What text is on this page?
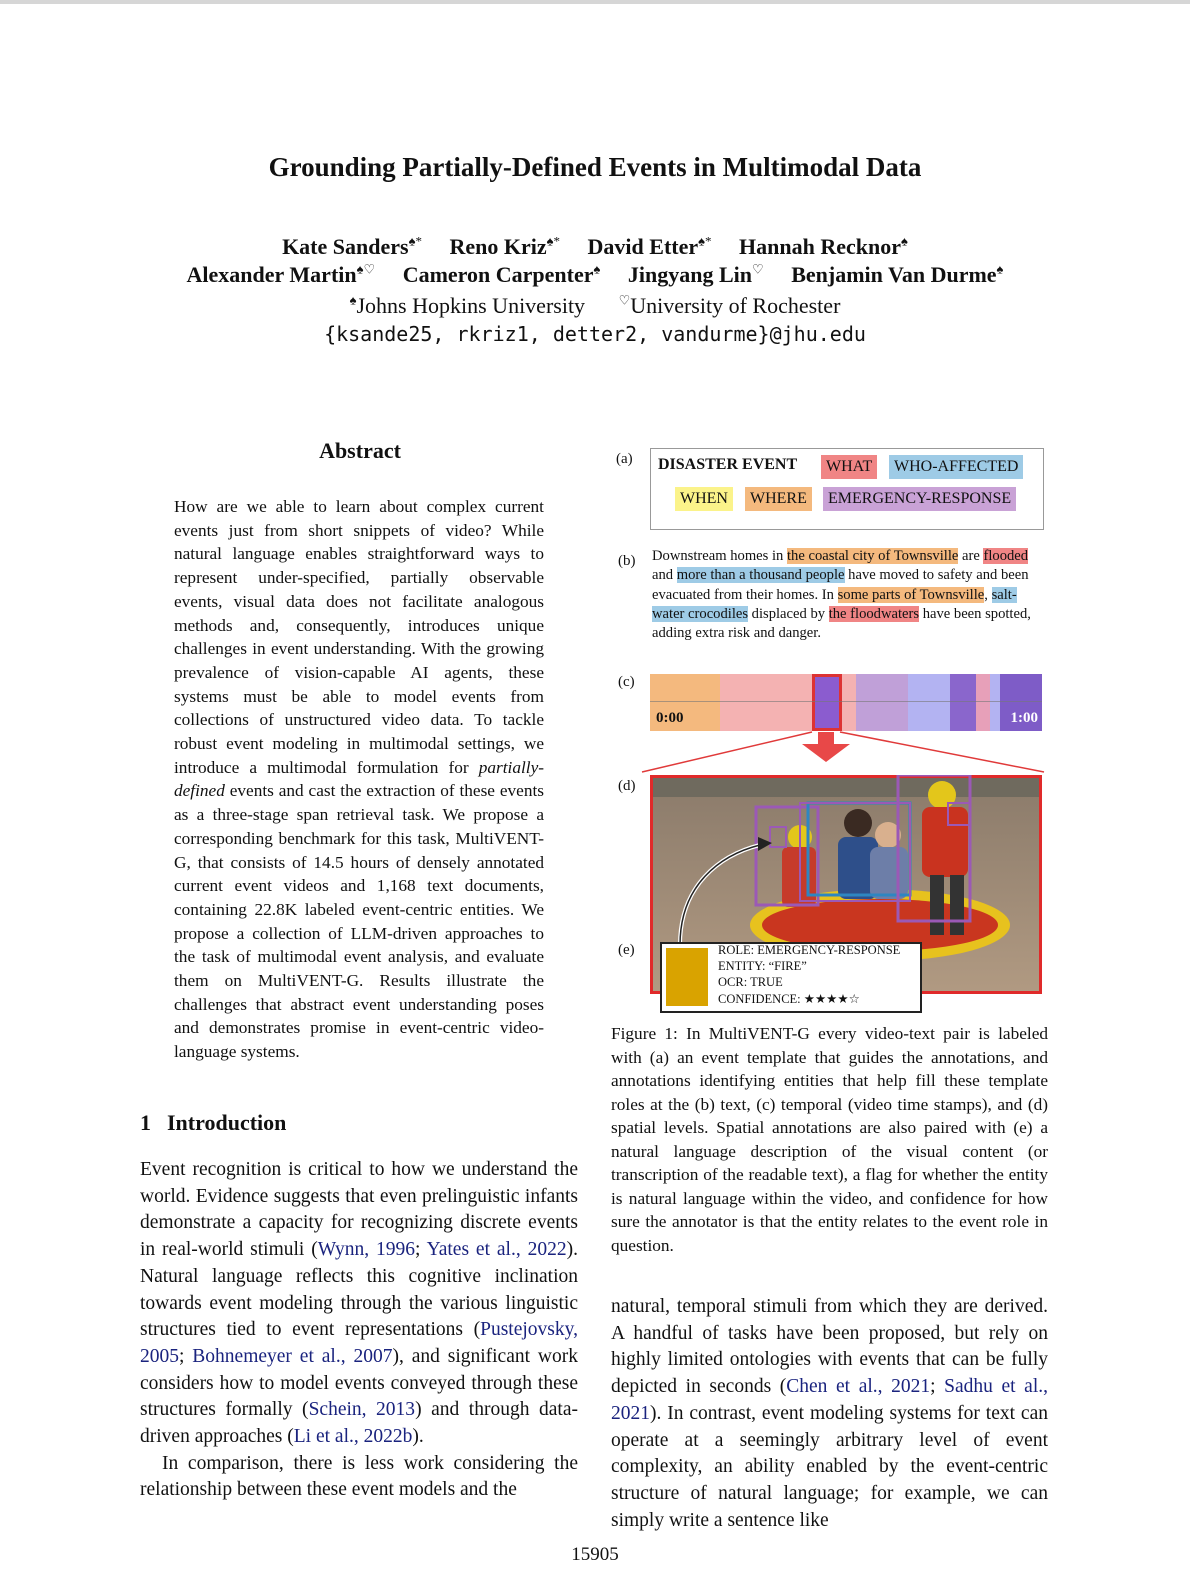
Grounding Partially-Defined Events in Multimodal Data
Kate Sanders♠* Reno Kriz♠* David Etter♠* Hannah Recknor♠
Alexander Martin♠♡ Cameron Carpenter♠ Jingyang Lin♡ Benjamin Van Durme♠
♠Johns Hopkins University	♡University of Rochester
{ksande25, rkriz1, detter2, vandurme}@jhu.edu
Abstract
How are we able to learn about complex current events just from short snippets of video? While natural language enables straightforward ways to represent under-specified, partially observable events, visual data does not facilitate analogous methods and, consequently, introduces unique challenges in event understanding. With the growing prevalence of vision-capable AI agents, these systems must be able to model events from collections of unstructured video data. To tackle robust event modeling in multimodal settings, we introduce a multimodal formulation for partially-defined events and cast the extraction of these events as a three-stage span retrieval task. We propose a corresponding benchmark for this task, MultiVENT-G, that consists of 14.5 hours of densely annotated current event videos and 1,168 text documents, containing 22.8K labeled event-centric entities. We propose a collection of LLM-driven approaches to the task of multimodal event analysis, and evaluate them on MultiVENT-G. Results illustrate the challenges that abstract event understanding poses and demonstrates promise in event-centric video-language systems.
1 Introduction

Event recognition is critical to how we understand the world. Evidence suggests that even prelinguistic infants demonstrate a capacity for recognizing discrete events in real-world stimuli (Wynn, 1996; Yates et al., 2022). Natural language reflects this cognitive inclination towards event modeling through the various linguistic structures tied to event representations (Pustejovsky, 2005; Bohnemeyer et al., 2007), and significant work considers how to model events conveyed through these structures formally (Schein, 2013) and through data-driven approaches (Li et al., 2022b).

In comparison, there is less work considering the relationship between these event models and the

natural, temporal stimuli from which they are derived. A handful of tasks have been proposed, but rely on highly limited ontologies with events that can be fully depicted in seconds (Chen et al., 2021; Sadhu et al., 2021). In contrast, event modeling systems for text can operate at a seemingly arbitrary level of event complexity, an ability enabled by the event-centric structure of natural language; for example, we can simply write a sentence like
(a)	DISASTER EVENT	WHAT	WHO-AFFECTED
WHEN	WHERE	EMERGENCY-RESPONSE
(b) Downstream homes in the coastal city of Townsville are flooded and more than a thousand people have moved to safety and been evacuated from their homes. In some parts of Townsville, salt-water crocodiles displaced by the floodwaters have been spotted, adding extra risk and danger.
(c)
0:00	1:00
(d)
(e)	ROLE: EMERGENCY-RESPONSE
ENTITY: “FIRE”
OCR: TRUE
CONFIDENCE: ★★★★☆
Figure 1: In MultiVENT-G every video-text pair is labeled with (a) an event template that guides the annotations, and annotations identifying entities that help fill these template roles at the (b) text, (c) temporal (video time stamps), and (d) spatial levels. Spatial annotations are also paired with (e) a natural language description of the visual content (or transcription of the readable text), a flag for whether the entity is natural language within the video, and confidence for how sure the annotator is that the entity relates to the event role in question.
15905
